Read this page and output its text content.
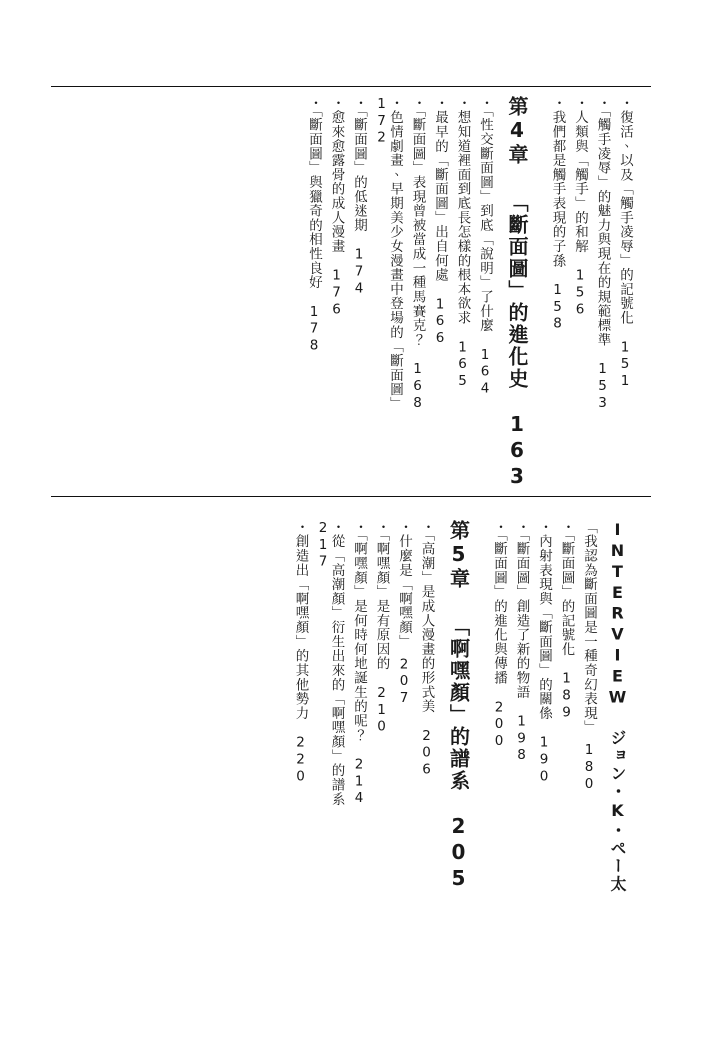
・復活、以及「觸手凌辱」的記號化　151
・「觸手凌辱」的魅力與現在的規範標準　153
・人類與「觸手」的和解　156
・我們都是觸手表現的子孫　158
第4章 「斷面圖」的進化史　163
・「性交斷面圖」到底「說明」了什麼　164
・想知道裡面到底長怎樣的根本欲求　165
・最早的「斷面圖」出自何處　166
・「斷面圖」表現曾被當成一種馬賽克？　168
・色情劇畫、早期美少女漫畫中登場的「斷面圖」　172
・「斷面圖」的低迷期　174
・愈來愈露骨的成人漫畫　176
・「斷面圖」與獵奇的相性良好　178
INTERVIEW ジョン・K・ペー太
「我認為斷面圖是一種奇幻表現」　180
・「斷面圖」的記號化　189
・內射表現與「斷面圖」的關係　190
・「斷面圖」創造了新的物語　198
・「斷面圖」的進化與傳播　200
第5章 「啊嘿顏」的譜系　205
・「高潮」是成人漫畫的形式美　206
・什麼是「啊嘿顏」　207
・「啊嘿顏」是有原因的　210
・「啊嘿顏」是何時何地誕生的呢？　214
・從「高潮顏」衍生出來的「啊嘿顏」的譜系　217
・創造出「啊嘿顏」的其他勢力　220
